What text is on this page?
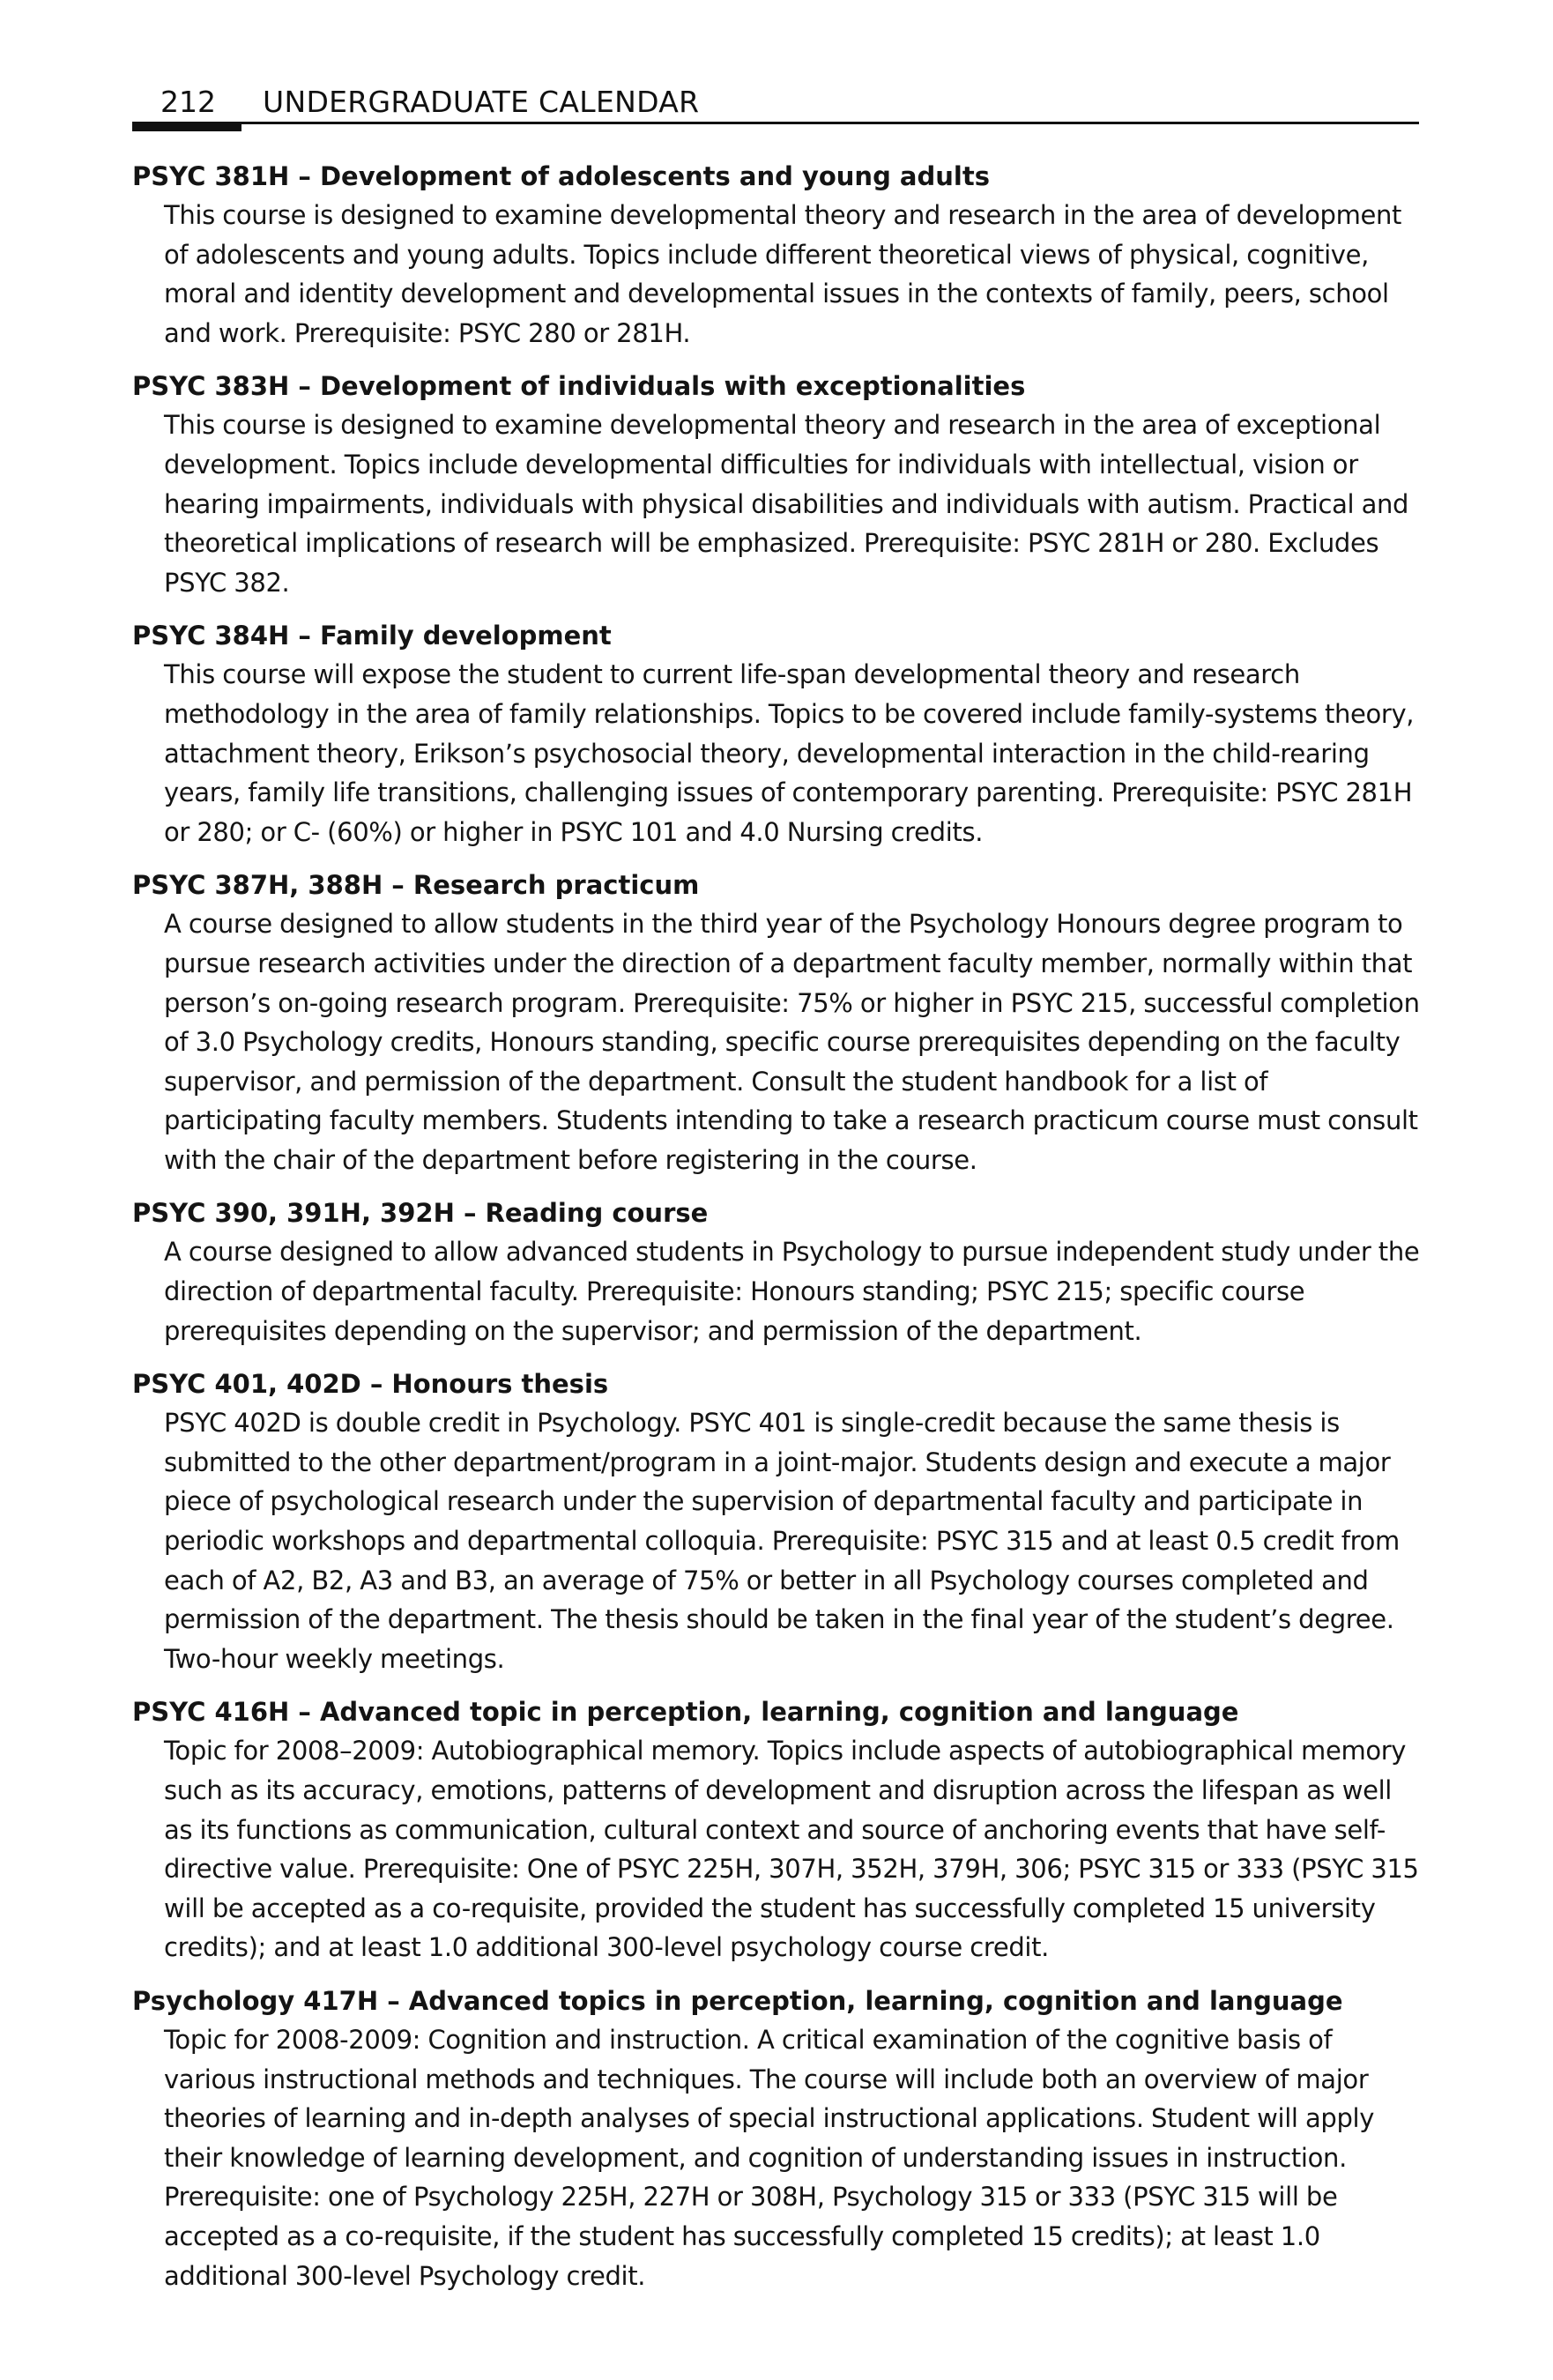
212 UNDERGRADUATE CALENDAR

PSYC 381H – Development of adolescents and young adults

This course is designed to examine developmental theory and research in the area of development of adolescents and young adults. Topics include different theoretical views of physical, cognitive, moral and identity development and developmental issues in the contexts of family, peers, school and work. Prerequisite: PSYC 280 or 281H.

PSYC 383H – Development of individuals with exceptionalities

This course is designed to examine developmental theory and research in the area of exceptional development. Topics include developmental difficulties for individuals with intellectual, vision or hearing impairments, individuals with physical disabilities and individuals with autism. Practical and theoretical implications of research will be emphasized. Prerequisite: PSYC 281H or 280. Excludes PSYC 382.

PSYC 384H – Family development

This course will expose the student to current life-span developmental theory and research methodology in the area of family relationships. Topics to be covered include family-systems theory, attachment theory, Erikson’s psychosocial theory, developmental interaction in the child-rearing years, family life transitions, challenging issues of contemporary parenting. Prerequisite: PSYC 281H or 280; or C- (60%) or higher in PSYC 101 and 4.0 Nursing credits.

PSYC 387H, 388H – Research practicum

A course designed to allow students in the third year of the Psychology Honours degree program to pursue research activities under the direction of a department faculty member, normally within that person’s on-going research program. Prerequisite: 75% or higher in PSYC 215, successful completion of 3.0 Psychology credits, Honours standing, specific course prerequisites depending on the faculty supervisor, and permission of the department. Consult the student handbook for a list of participating faculty members. Students intending to take a research practicum course must consult with the chair of the department before registering in the course.

PSYC 390, 391H, 392H – Reading course

A course designed to allow advanced students in Psychology to pursue independent study under the direction of departmental faculty. Prerequisite: Honours standing; PSYC 215; specific course prerequisites depending on the supervisor; and permission of the department.

PSYC 401, 402D – Honours thesis

PSYC 402D is double credit in Psychology. PSYC 401 is single-credit because the same thesis is submitted to the other department/program in a joint-major. Students design and execute a major piece of psychological research under the supervision of departmental faculty and participate in periodic workshops and departmental colloquia. Prerequisite: PSYC 315 and at least 0.5 credit from each of A2, B2, A3 and B3, an average of 75% or better in all Psychology courses completed and permission of the department. The thesis should be taken in the final year of the student’s degree. Two-hour weekly meetings.

PSYC 416H – Advanced topic in perception, learning, cognition and language

Topic for 2008–2009: Autobiographical memory. Topics include aspects of autobiographical memory such as its accuracy, emotions, patterns of development and disruption across the lifespan as well as its functions as communication, cultural context and source of anchoring events that have self-directive value. Prerequisite: One of PSYC 225H, 307H, 352H, 379H, 306; PSYC 315 or 333 (PSYC 315 will be accepted as a co-requisite, provided the student has successfully completed 15 university credits); and at least 1.0 additional 300-level psychology course credit.

Psychology 417H – Advanced topics in perception, learning, cognition and language

Topic for 2008-2009: Cognition and instruction. A critical examination of the cognitive basis of various instructional methods and techniques. The course will include both an overview of major theories of learning and in-depth analyses of special instructional applications. Student will apply their knowledge of learning development, and cognition of understanding issues in instruction. Prerequisite: one of Psychology 225H, 227H or 308H, Psychology 315 or 333 (PSYC 315 will be accepted as a co-requisite, if the student has successfully completed 15 credits); at least 1.0 additional 300-level Psychology credit.
